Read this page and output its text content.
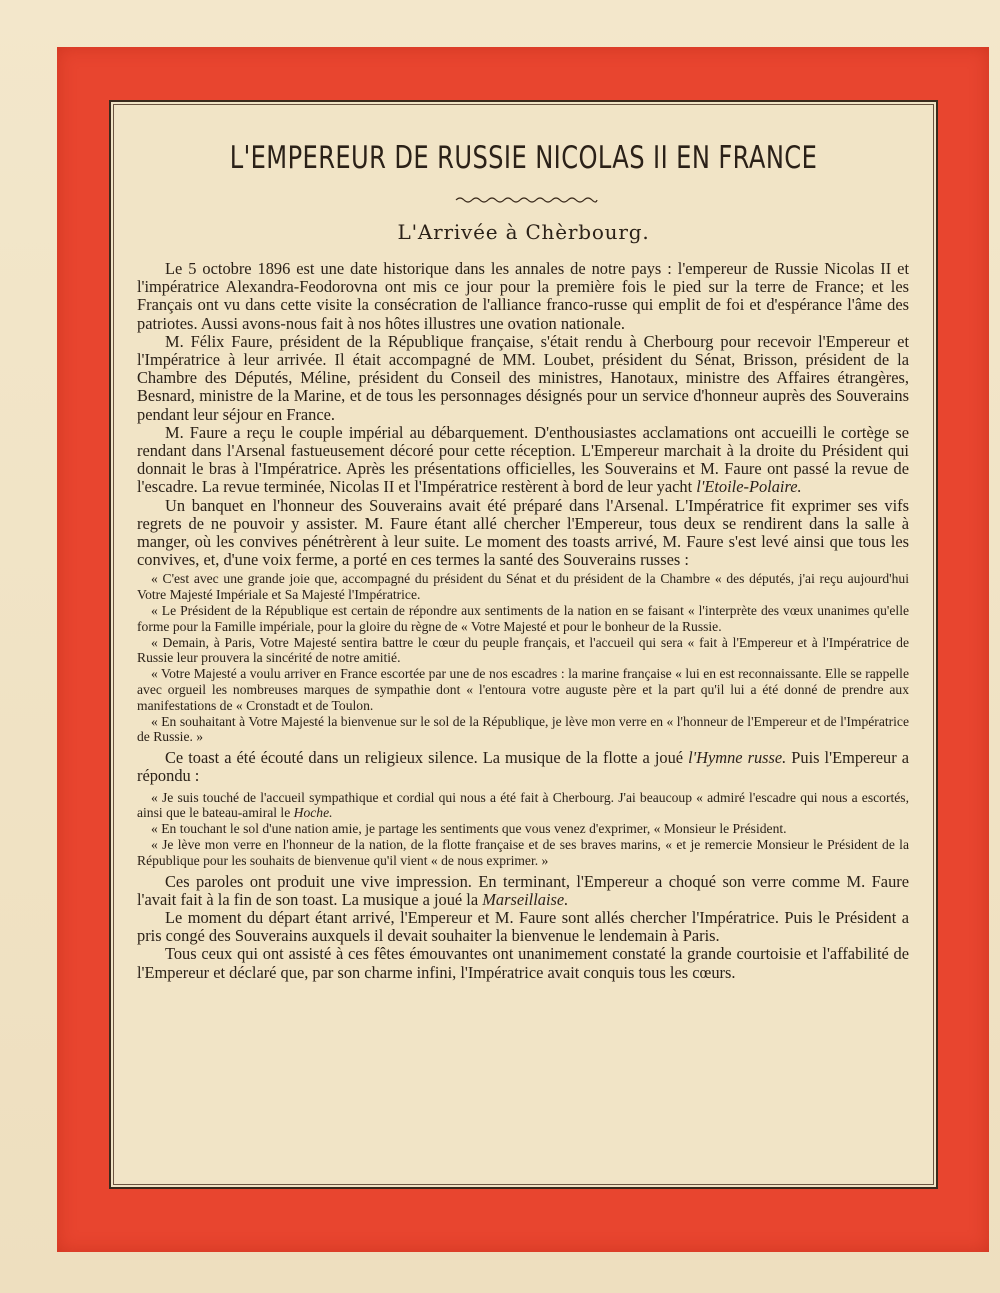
L'EMPEREUR DE RUSSIE NICOLAS II EN FRANCE
L'Arrivée à Chèrbourg.

Le 5 octobre 1896 est une date historique dans les annales de notre pays : l'empereur de Russie Nicolas II et l'impératrice Alexandra-Feodorovna ont mis ce jour pour la première fois le pied sur la terre de France; et les Français ont vu dans cette visite la consécration de l'alliance franco-russe qui emplit de foi et d'espérance l'âme des patriotes. Aussi avons-nous fait à nos hôtes illustres une ovation nationale.

M. Félix Faure, président de la République française, s'était rendu à Cherbourg pour recevoir l'Empereur et l'Impératrice à leur arrivée. Il était accompagné de MM. Loubet, président du Sénat, Brisson, président de la Chambre des Députés, Méline, président du Conseil des ministres, Hanotaux, ministre des Affaires étrangères, Besnard, ministre de la Marine, et de tous les personnages désignés pour un service d'honneur auprès des Souverains pendant leur séjour en France.

M. Faure a reçu le couple impérial au débarquement. D'enthousiastes acclamations ont accueilli le cortège se rendant dans l'Arsenal fastueusement décoré pour cette réception. L'Empereur marchait à la droite du Président qui donnait le bras à l'Impératrice. Après les présentations officielles, les Souverains et M. Faure ont passé la revue de l'escadre. La revue terminée, Nicolas II et l'Impératrice restèrent à bord de leur yacht l'Etoile-Polaire.

Un banquet en l'honneur des Souverains avait été préparé dans l'Arsenal. L'Impératrice fit exprimer ses vifs regrets de ne pouvoir y assister. M. Faure étant allé chercher l'Empereur, tous deux se rendirent dans la salle à manger, où les convives pénétrèrent à leur suite. Le moment des toasts arrivé, M. Faure s'est levé ainsi que tous les convives, et, d'une voix ferme, a porté en ces termes la santé des Souverains russes :

« C'est avec une grande joie que, accompagné du président du Sénat et du président de la Chambre « des députés, j'ai reçu aujourd'hui Votre Majesté Impériale et Sa Majesté l'Impératrice.

« Le Président de la République est certain de répondre aux sentiments de la nation en se faisant « l'interprète des vœux unanimes qu'elle forme pour la Famille impériale, pour la gloire du règne de « Votre Majesté et pour le bonheur de la Russie.

« Demain, à Paris, Votre Majesté sentira battre le cœur du peuple français, et l'accueil qui sera « fait à l'Empereur et à l'Impératrice de Russie leur prouvera la sincérité de notre amitié.

« Votre Majesté a voulu arriver en France escortée par une de nos escadres : la marine française « lui en est reconnaissante. Elle se rappelle avec orgueil les nombreuses marques de sympathie dont « l'entoura votre auguste père et la part qu'il lui a été donné de prendre aux manifestations de « Cronstadt et de Toulon.

« En souhaitant à Votre Majesté la bienvenue sur le sol de la République, je lève mon verre en « l'honneur de l'Empereur et de l'Impératrice de Russie. »

Ce toast a été écouté dans un religieux silence. La musique de la flotte a joué l'Hymne russe. Puis l'Empereur a répondu :

« Je suis touché de l'accueil sympathique et cordial qui nous a été fait à Cherbourg. J'ai beaucoup « admiré l'escadre qui nous a escortés, ainsi que le bateau-amiral le Hoche.

« En touchant le sol d'une nation amie, je partage les sentiments que vous venez d'exprimer, « Monsieur le Président.

« Je lève mon verre en l'honneur de la nation, de la flotte française et de ses braves marins, « et je remercie Monsieur le Président de la République pour les souhaits de bienvenue qu'il vient « de nous exprimer. »

Ces paroles ont produit une vive impression. En terminant, l'Empereur a choqué son verre comme M. Faure l'avait fait à la fin de son toast. La musique a joué la Marseillaise.

Le moment du départ étant arrivé, l'Empereur et M. Faure sont allés chercher l'Impératrice. Puis le Président a pris congé des Souverains auxquels il devait souhaiter la bienvenue le lendemain à Paris.

Tous ceux qui ont assisté à ces fêtes émouvantes ont unanimement constaté la grande courtoisie et l'affabilité de l'Empereur et déclaré que, par son charme infini, l'Impératrice avait conquis tous les cœurs.
